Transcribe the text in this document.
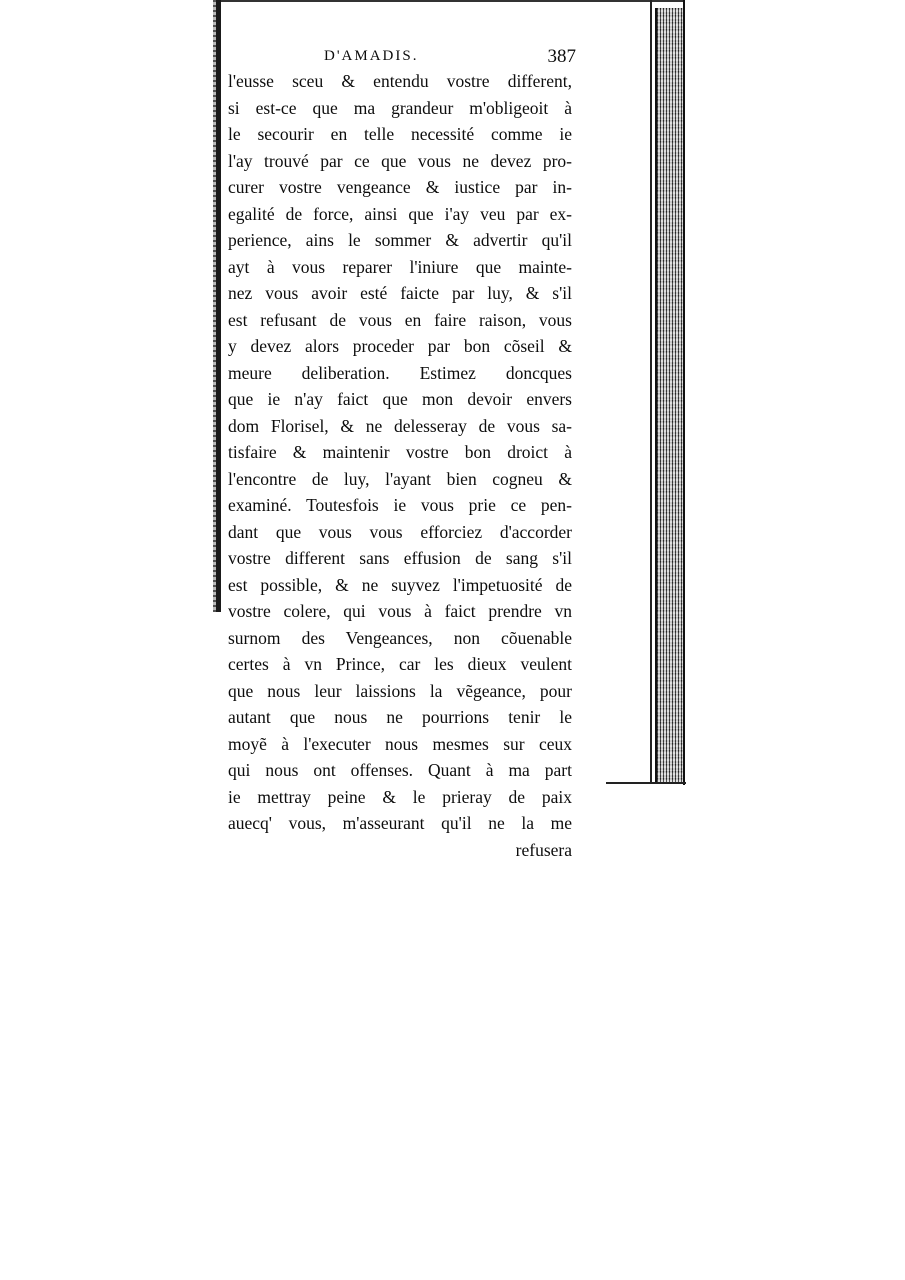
D'AMADIS.	387
l'eusse sceu & entendu vostre different,
si est-ce que ma grandeur m'obligeoit à
le secourir en telle necessité comme ie
l'ay trouvé par ce que vous ne devez pro-
curer vostre vengeance & iustice par in-
egalité de force, ainsi que i'ay veu par ex-
perience, ains le sommer & advertir qu'il
ayt à vous reparer l'iniure que mainte-
nez vous avoir esté faicte par luy, & s'il
est refusant de vous en faire raison, vous
y devez alors proceder par bon cõseil &
meure deliberation. Estimez doncques
que ie n'ay faict que mon devoir envers
dom Florisel, & ne delesseray de vous sa-
tisfaire & maintenir vostre bon droict à
l'encontre de luy, l'ayant bien cogneu &
examiné. Toutesfois ie vous prie ce pen-
dant que vous vous efforciez d'accorder
vostre different sans effusion de sang s'il
est possible, & ne suyvez l'impetuosité de
vostre colere, qui vous à faict prendre vn
surnom des Vengeances, non cõuenable
certes à vn Prince, car les dieux veulent
que nous leur laissions la vẽgeance, pour
autant que nous ne pourrions tenir le
moyẽ à l'executer nous mesmes sur ceux
qui nous ont offenses. Quant à ma part
ie mettray peine & le prieray de paix
auecq' vous, m'asseurant qu'il ne la me
refusera
